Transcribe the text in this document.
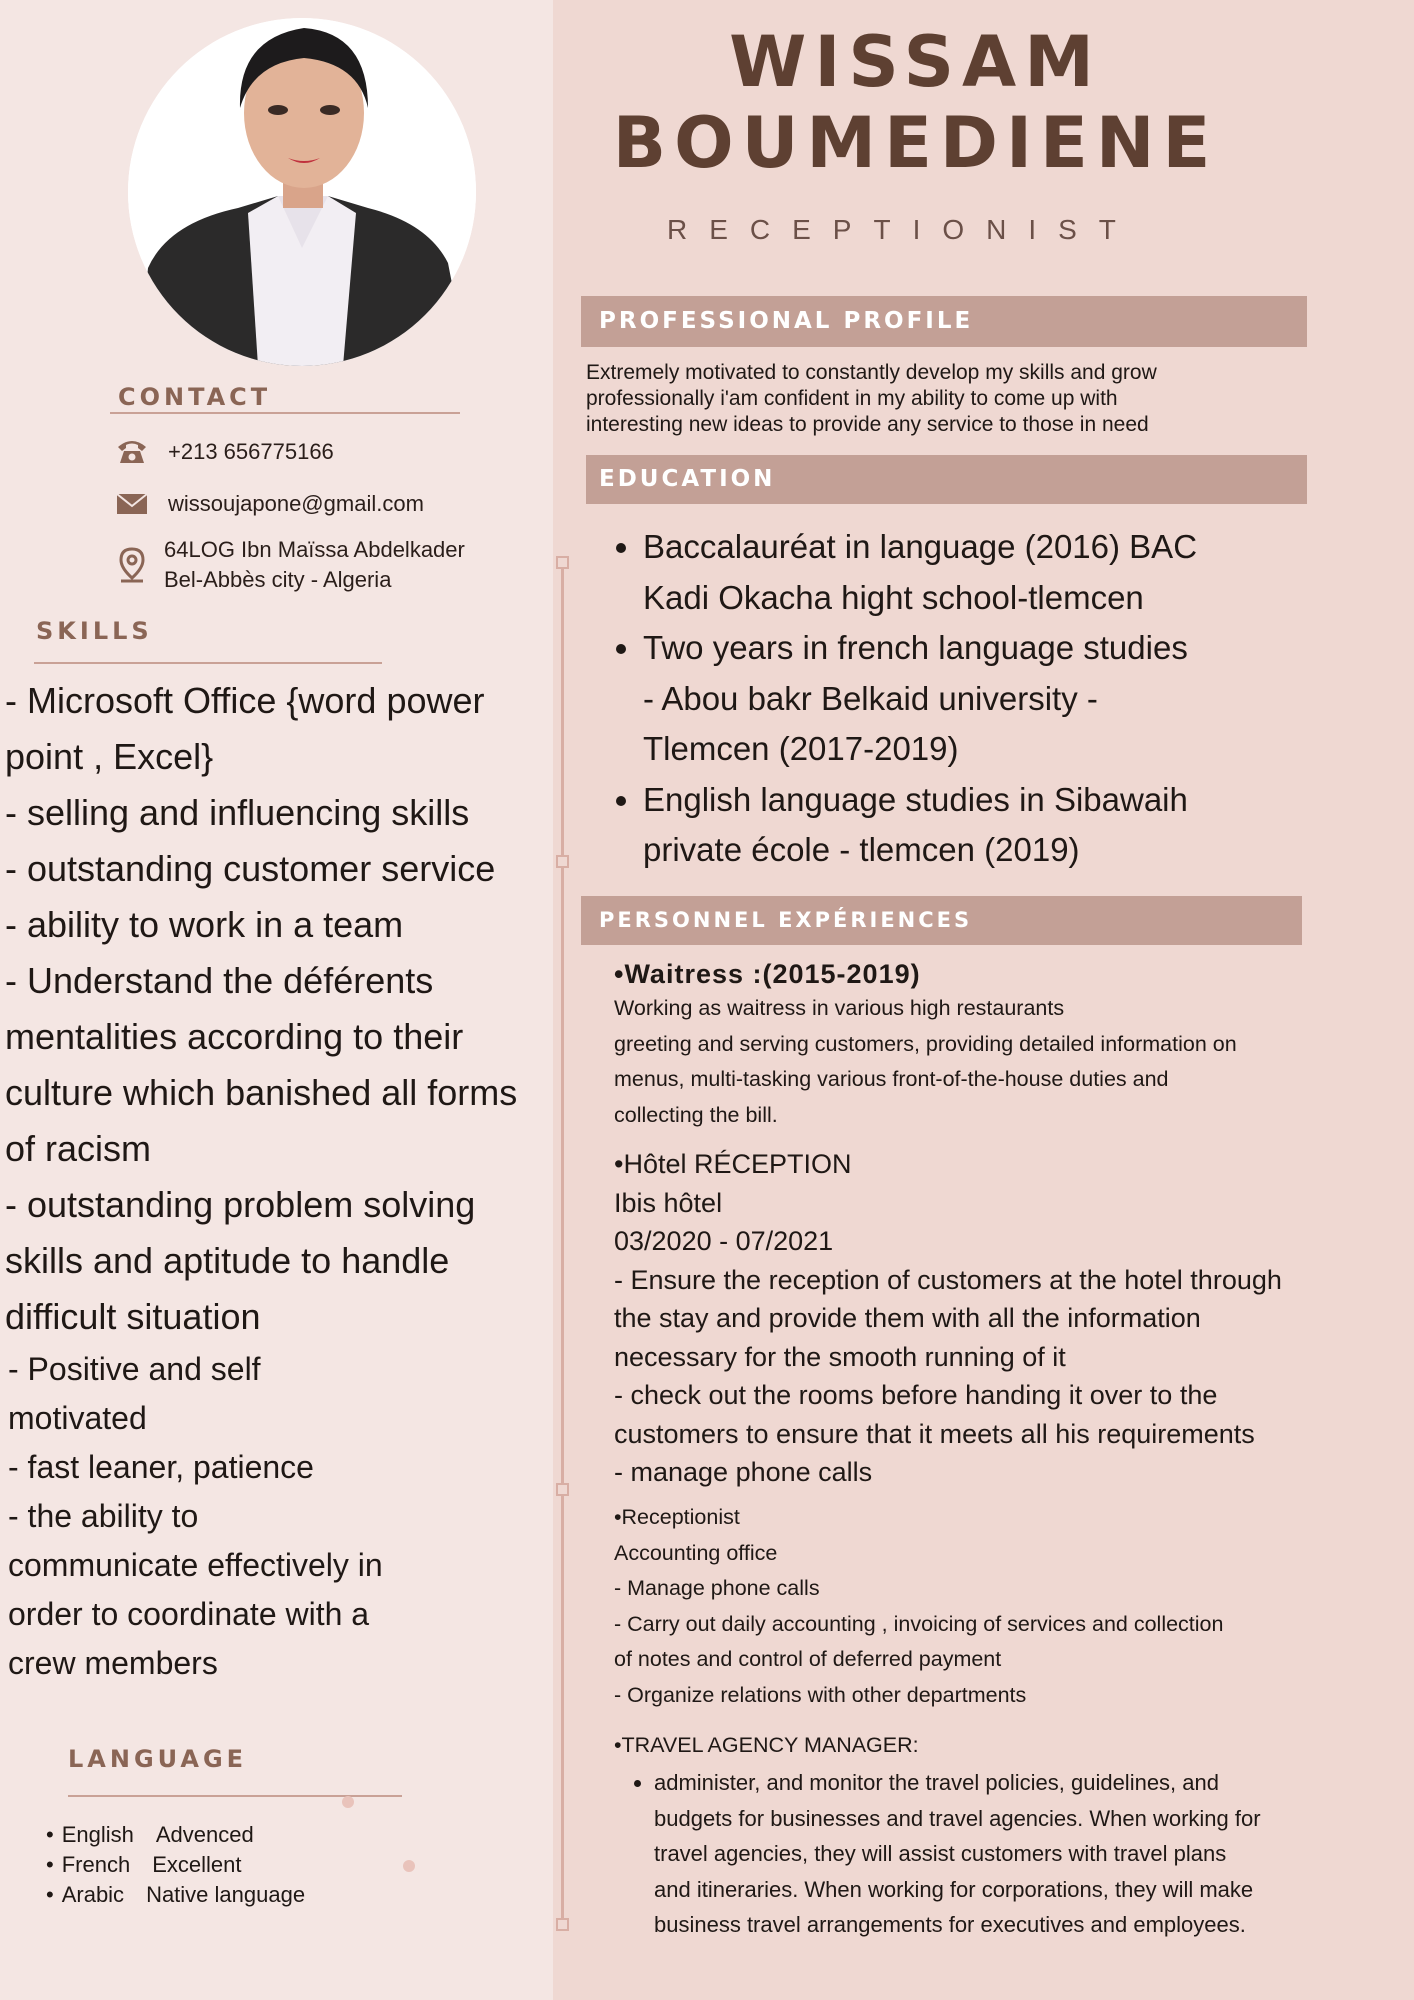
CONTACT
+213 656775166
wissoujapone@gmail.com
64LOG Ibn Maïssa Abdelkader
Bel-Abbès city - Algeria
SKILLS

- Microsoft Office {word power

point , Excel}

- selling and influencing skills

- outstanding customer service

- ability to work in a team

- Understand the déférents

mentalities according to their

culture which banished all forms

of racism

- outstanding problem solving

skills and aptitude to handle

difficult situation

- Positive and self

motivated

- fast leaner, patience

- the ability to

communicate effectively in

order to coordinate with a

crew members

LANGUAGE
• English Advenced
• French Excellent
• Arabic Native language
WISSAM
BOUMEDIENE
RECEPTIONIST
PROFESSIONAL PROFILE
Extremely motivated to constantly develop my skills and grow
professionally i'am confident in my ability to come up with
interesting new ideas to provide any service to those in need
EDUCATION
• Baccalauréat in language (2016) BAC
Kadi Okacha hight school-tlemcen
• Two years in french language studies
- Abou bakr Belkaid university -
Tlemcen (2017-2019)
• English language studies in Sibawaih
private école - tlemcen (2019)
PERSONNEL EXPÉRIENCES
•Waitress :(2015-2019)
Working as waitress in various high restaurants
greeting and serving customers, providing detailed information on
menus, multi-tasking various front-of-the-house duties and
collecting the bill.
•Hôtel RÉCEPTION
Ibis hôtel
03/2020 - 07/2021
- Ensure the reception of customers at the hotel through
the stay and provide them with all the information
necessary for the smooth running of it
- check out the rooms before handing it over to the
customers to ensure that it meets all his requirements
- manage phone calls
•Receptionist
Accounting office
- Manage phone calls
- Carry out daily accounting , invoicing of services and collection
of notes and control of deferred payment
- Organize relations with other departments
•TRAVEL AGENCY MANAGER:
• administer, and monitor the travel policies, guidelines, and
budgets for businesses and travel agencies. When working for
travel agencies, they will assist customers with travel plans
and itineraries. When working for corporations, they will make
business travel arrangements for executives and employees.
